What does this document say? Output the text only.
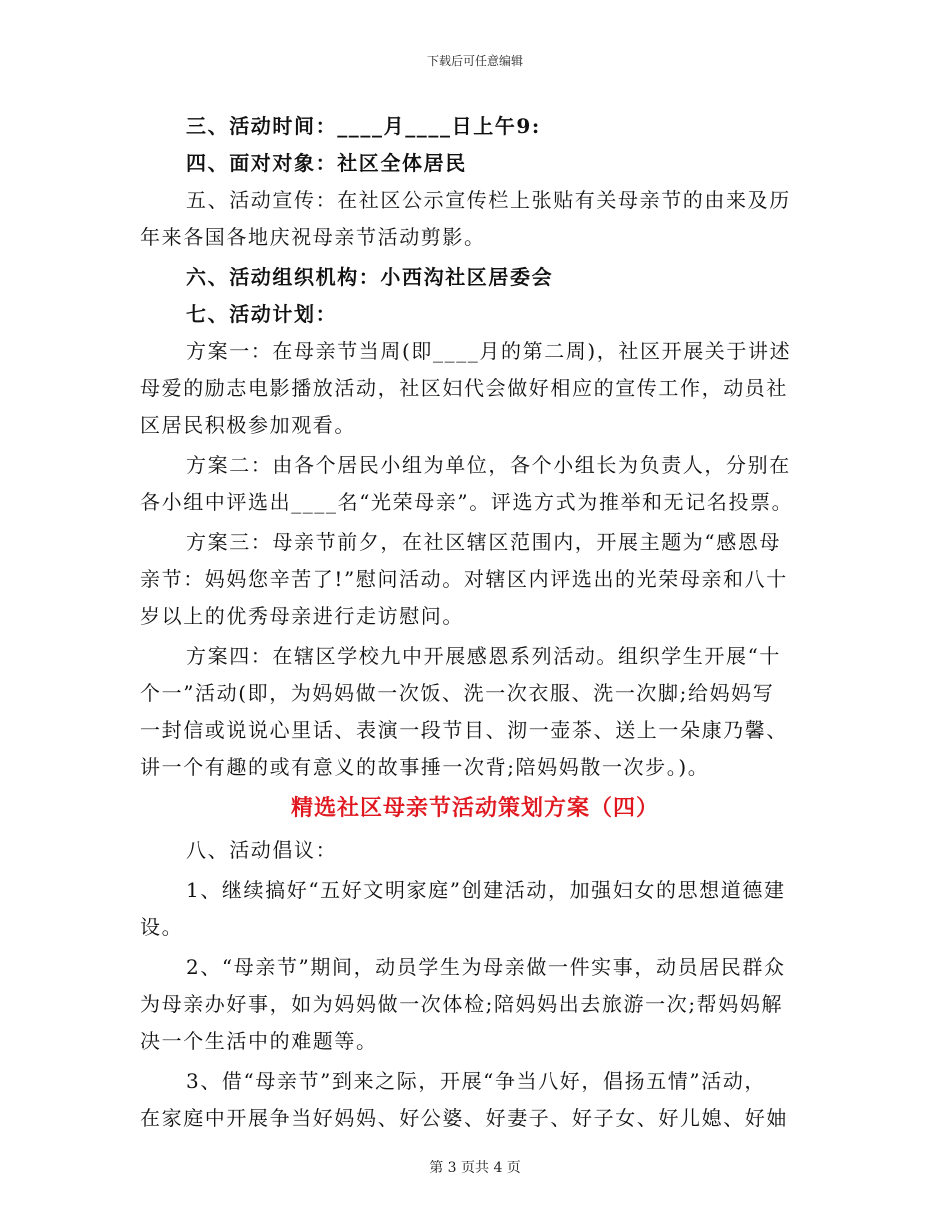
下载后可任意编辑
三、活动时间：____月____日上午9:
四、面对对象：社区全体居民
五、活动宣传：在社区公示宣传栏上张贴有关母亲节的由来及历
年来各国各地庆祝母亲节活动剪影。
六、活动组织机构：小西沟社区居委会
七、活动计划：
方案一：在母亲节当周(即____月的第二周)，社区开展关于讲述
母爱的励志电影播放活动，社区妇代会做好相应的宣传工作，动员社
区居民积极参加观看。
方案二：由各个居民小组为单位，各个小组长为负责人，分别在
各小组中评选出____名“光荣母亲”。评选方式为推举和无记名投票。
方案三：母亲节前夕，在社区辖区范围内，开展主题为“感恩母
亲节：妈妈您辛苦了!”慰问活动。对辖区内评选出的光荣母亲和八十
岁以上的优秀母亲进行走访慰问。
方案四：在辖区学校九中开展感恩系列活动。组织学生开展“十
个一”活动(即，为妈妈做一次饭、洗一次衣服、洗一次脚;给妈妈写
一封信或说说心里话、表演一段节目、沏一壶茶、送上一朵康乃馨、
讲一个有趣的或有意义的故事捶一次背;陪妈妈散一次步。)。
精选社区母亲节活动策划方案（四）
八、活动倡议：
1、继续搞好“五好文明家庭”创建活动，加强妇女的思想道德建
设。
2、“母亲节”期间，动员学生为母亲做一件实事，动员居民群众
为母亲办好事，如为妈妈做一次体检;陪妈妈出去旅游一次;帮妈妈解
决一个生活中的难题等。
3、借“母亲节”到来之际，开展“争当八好，倡扬五情”活动，
在家庭中开展争当好妈妈、好公婆、好妻子、好子女、好儿媳、好妯
第 3 页共 4 页
